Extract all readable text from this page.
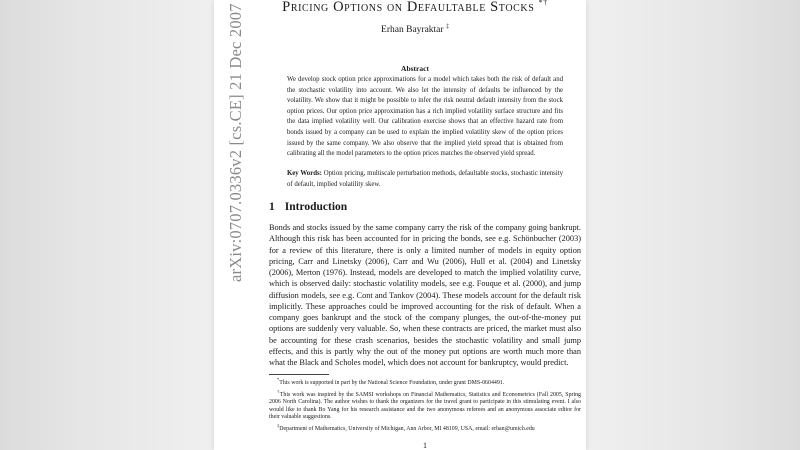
arXiv:0707.0336v2 [cs.CE] 21 Dec 2007	Pricing Options on Defaultable Stocks *†
Erhan Bayraktar ‡
Abstract
We develop stock option price approximations for a model which takes both the risk of default and the stochastic volatility into account. We also let the intensity of defaults be influenced by the volatility. We show that it might be possible to infer the risk neutral default intensity from the stock option prices. Our option price approximation has a rich implied volatility surface structure and fits the data implied volatility well. Our calibration exercise shows that an effective hazard rate from bonds issued by a company can be used to explain the implied volatility skew of the option prices issued by the same company. We also observe that the implied yield spread that is obtained from calibrating all the model parameters to the option prices matches the observed yield spread.
Key Words: Option pricing, multiscale perturbation methods, defaultable stocks, stochastic intensity of default, implied volatility skew.
1 Introduction
Bonds and stocks issued by the same company carry the risk of the company going bankrupt. Although this risk has been accounted for in pricing the bonds, see e.g. Schönbucher (2003) for a review of this literature, there is only a limited number of models in equity option pricing, Carr and Linetsky (2006), Carr and Wu (2006), Hull et al. (2004) and Linetsky (2006), Merton (1976). Instead, models are developed to match the implied volatility curve, which is observed daily: stochastic volatility models, see e.g. Fouque et al. (2000), and jump diffusion models, see e.g. Cont and Tankov (2004). These models account for the default risk implicitly. These approaches could be improved accounting for the risk of default. When a company goes bankrupt and the stock of the company plunges, the out-of-the-money put options are suddenly very valuable. So, when these contracts are priced, the market must also be accounting for these crash scenarios, besides the stochastic volatility and small jump effects, and this is partly why the out of the money put options are worth much more than what the Black and Scholes model, which does not account for bankruptcy, would predict.

*This work is supported in part by the National Science Foundation, under grant DMS-0604491.

†This work was inspired by the SAMSI workshops on Financial Mathematics, Statistics and Econometrics (Fall 2005, Spring 2006 North Carolina). The author wishes to thank the organizers for the travel grant to participate in this stimulating event. I also would like to thank Bo Yang for his research assistance and the two anonymous referees and an anonymous associate editor for their valuable suggestions.

‡Department of Mathematics, University of Michigan, Ann Arbor, MI 48109, USA, email: erhan@umich.edu

1
